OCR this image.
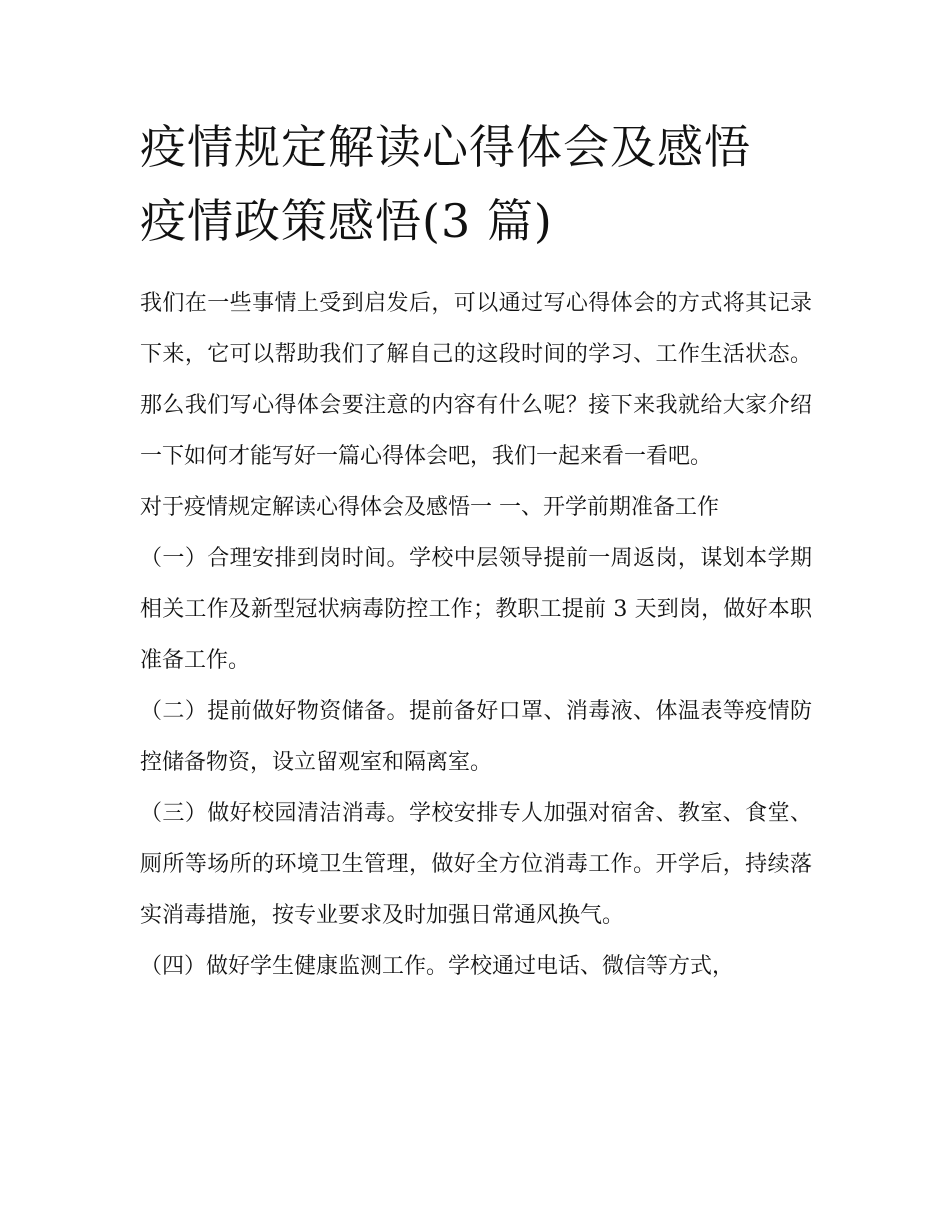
疫情规定解读心得体会及感悟
疫情政策感悟(3 篇)

我们在一些事情上受到启发后，可以通过写心得体会的方式将其记录下来，它可以帮助我们了解自己的这段时间的学习、工作生活状态。那么我们写心得体会要注意的内容有什么呢？接下来我就给大家介绍一下如何才能写好一篇心得体会吧，我们一起来看一看吧。

对于疫情规定解读心得体会及感悟一 一、开学前期准备工作

（一）合理安排到岗时间。学校中层领导提前一周返岗，谋划本学期相关工作及新型冠状病毒防控工作；教职工提前 3 天到岗，做好本职准备工作。

（二）提前做好物资储备。提前备好口罩、消毒液、体温表等疫情防控储备物资，设立留观室和隔离室。

（三）做好校园清洁消毒。学校安排专人加强对宿舍、教室、食堂、厕所等场所的环境卫生管理，做好全方位消毒工作。开学后，持续落实消毒措施，按专业要求及时加强日常通风换气。

（四）做好学生健康监测工作。学校通过电话、微信等方式，
